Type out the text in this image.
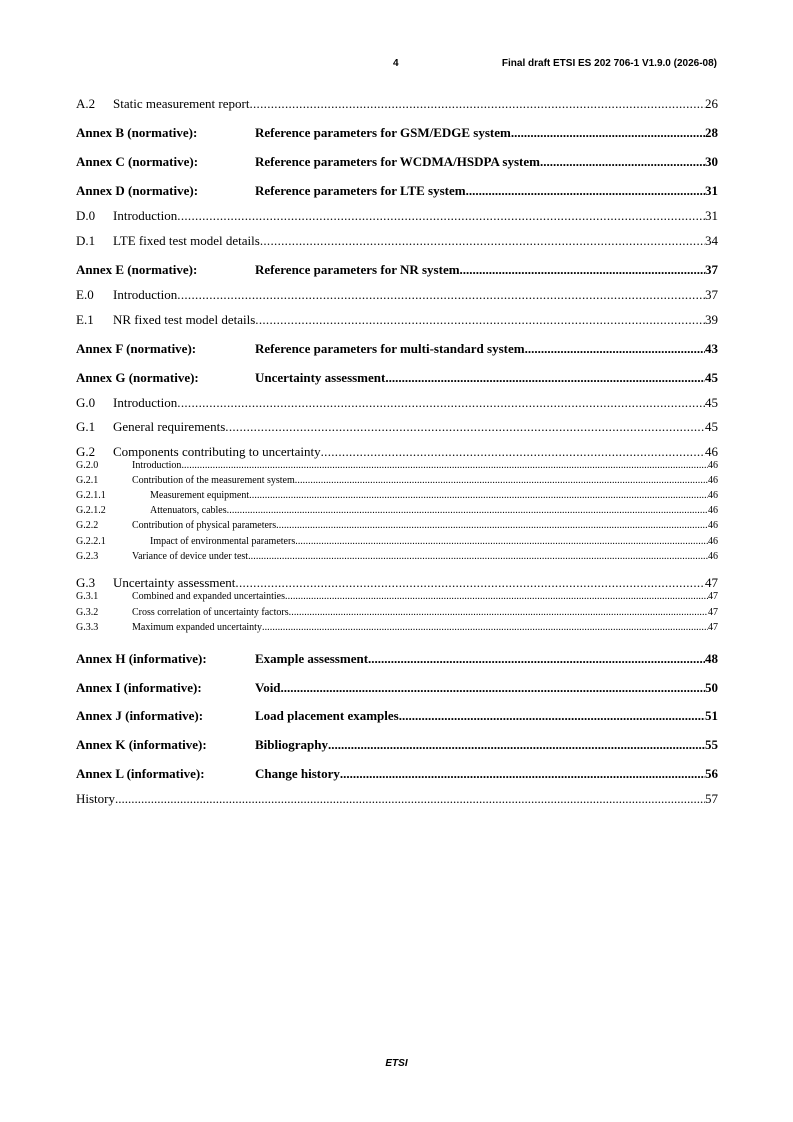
4	Final draft ETSI ES 202 706-1 V1.9.0 (2026-08)
A.2	Static measurement report .....	26
Annex B (normative):	Reference parameters for GSM/EDGE system .....	28
Annex C (normative):	Reference parameters for WCDMA/HSDPA system .....	30
Annex D (normative):	Reference parameters for LTE system .....	31
D.0	Introduction .....	31
D.1	LTE fixed test model details .....	34
Annex E (normative):	Reference parameters for NR system .....	37
E.0	Introduction .....	37
E.1	NR fixed test model details .....	39
Annex F (normative):	Reference parameters for multi-standard system .....	43
Annex G (normative):	Uncertainty assessment .....	45
G.0	Introduction .....	45
G.1	General requirements .....	45
G.2	Components contributing to uncertainty .....	46
G.2.0	Introduction .....	46
G.2.1	Contribution of the measurement system .....	46
G.2.1.1	Measurement equipment .....	46
G.2.1.2	Attenuators, cables .....	46
G.2.2	Contribution of physical parameters .....	46
G.2.2.1	Impact of environmental parameters .....	46
G.2.3	Variance of device under test .....	46
G.3	Uncertainty assessment .....	47
G.3.1	Combined and expanded uncertainties .....	47
G.3.2	Cross correlation of uncertainty factors .....	47
G.3.3	Maximum expanded uncertainty .....	47
Annex H (informative):	Example assessment .....	48
Annex I (informative):	Void .....	50
Annex J (informative):	Load placement examples .....	51
Annex K (informative):	Bibliography .....	55
Annex L (informative):	Change history .....	56
History .....	57
ETSI
